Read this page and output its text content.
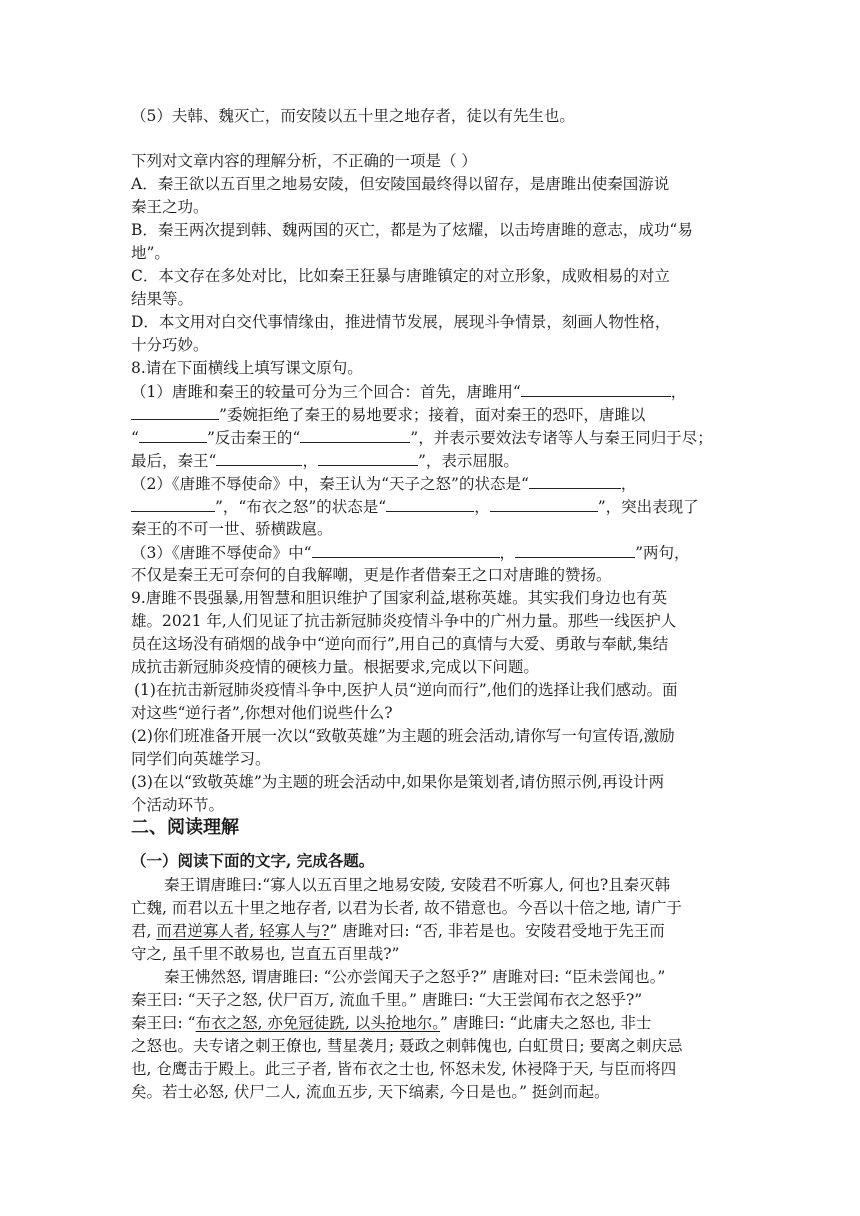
（5）夫韩、魏灭亡，而安陵以五十里之地存者，徒以有先生也。
下列对文章内容的理解分析，不正确的一项是（ ）
A．秦王欲以五百里之地易安陵，但安陵国最终得以留存，是唐雎出使秦国游说
秦王之功。
B．秦王两次提到韩、魏两国的灭亡，都是为了炫耀，以击垮唐雎的意志，成功“易
地”。
C．本文存在多处对比，比如秦王狂暴与唐雎镇定的对立形象，成败相易的对立
结果等。
D．本文用对白交代事情缘由，推进情节发展，展现斗争情景，刻画人物性格，
十分巧妙。
8.请在下面横线上填写课文原句。
（1）唐雎和秦王的较量可分为三个回合：首先，唐雎用“	，
”委婉拒绝了秦王的易地要求；接着，面对秦王的恐吓，唐雎以
“	”反击秦王的“	”，并表示要效法专诸等人与秦王同归于尽；
最后，秦王“	，	”，表示屈服。
（2）《唐雎不辱使命》中，秦王认为“天子之怒”的状态是“	，
”，“布衣之怒”的状态是“	，	”，突出表现了
秦王的不可一世、骄横跋扈。
（3）《唐雎不辱使命》中“	，	”两句，
不仅是秦王无可奈何的自我解嘲，更是作者借秦王之口对唐雎的赞扬。
9.唐雎不畏强暴,用智慧和胆识维护了国家利益,堪称英雄。其实我们身边也有英
雄。2021 年,人们见证了抗击新冠肺炎疫情斗争中的广州力量。那些一线医护人
员在这场没有硝烟的战争中“逆向而行”,用自己的真情与大爱、勇敢与奉献,集结
成抗击新冠肺炎疫情的硬核力量。根据要求,完成以下问题。
(1)在抗击新冠肺炎疫情斗争中,医护人员“逆向而行”,他们的选择让我们感动。面
对这些“逆行者”,你想对他们说些什么?
(2)你们班准备开展一次以“致敬英雄”为主题的班会活动,请你写一句宣传语,激励
同学们向英雄学习。
(3)在以“致敬英雄”为主题的班会活动中,如果你是策划者,请仿照示例,再设计两
个活动环节。
二、阅读理解
（一）阅读下面的文字, 完成各题。
秦王谓唐雎曰:“寡人以五百里之地易安陵, 安陵君不听寡人, 何也?且秦灭韩
亡魏, 而君以五十里之地存者, 以君为长者, 故不错意也。今吾以十倍之地, 请广于
君, 而君逆寡人者, 轻寡人与?” 唐雎对曰: “否, 非若是也。安陵君受地于先王而
守之, 虽千里不敢易也, 岂直五百里哉?”
秦王怫然怒, 谓唐雎曰: “公亦尝闻天子之怒乎?” 唐雎对曰: “臣未尝闻也。”
秦王曰: “天子之怒, 伏尸百万, 流血千里。” 唐雎曰: “大王尝闻布衣之怒乎?”
秦王曰: “布衣之怒, 亦免冠徒跣, 以头抢地尔。” 唐雎曰: “此庸夫之怒也, 非士
之怒也。夫专诸之刺王僚也, 彗星袭月; 聂政之刺韩傀也, 白虹贯日; 要离之刺庆忌
也, 仓鹰击于殿上。此三子者, 皆布衣之士也, 怀怒未发, 休祲降于天, 与臣而将四
矣。若士必怒, 伏尸二人, 流血五步, 天下缟素, 今日是也。” 挺剑而起。
